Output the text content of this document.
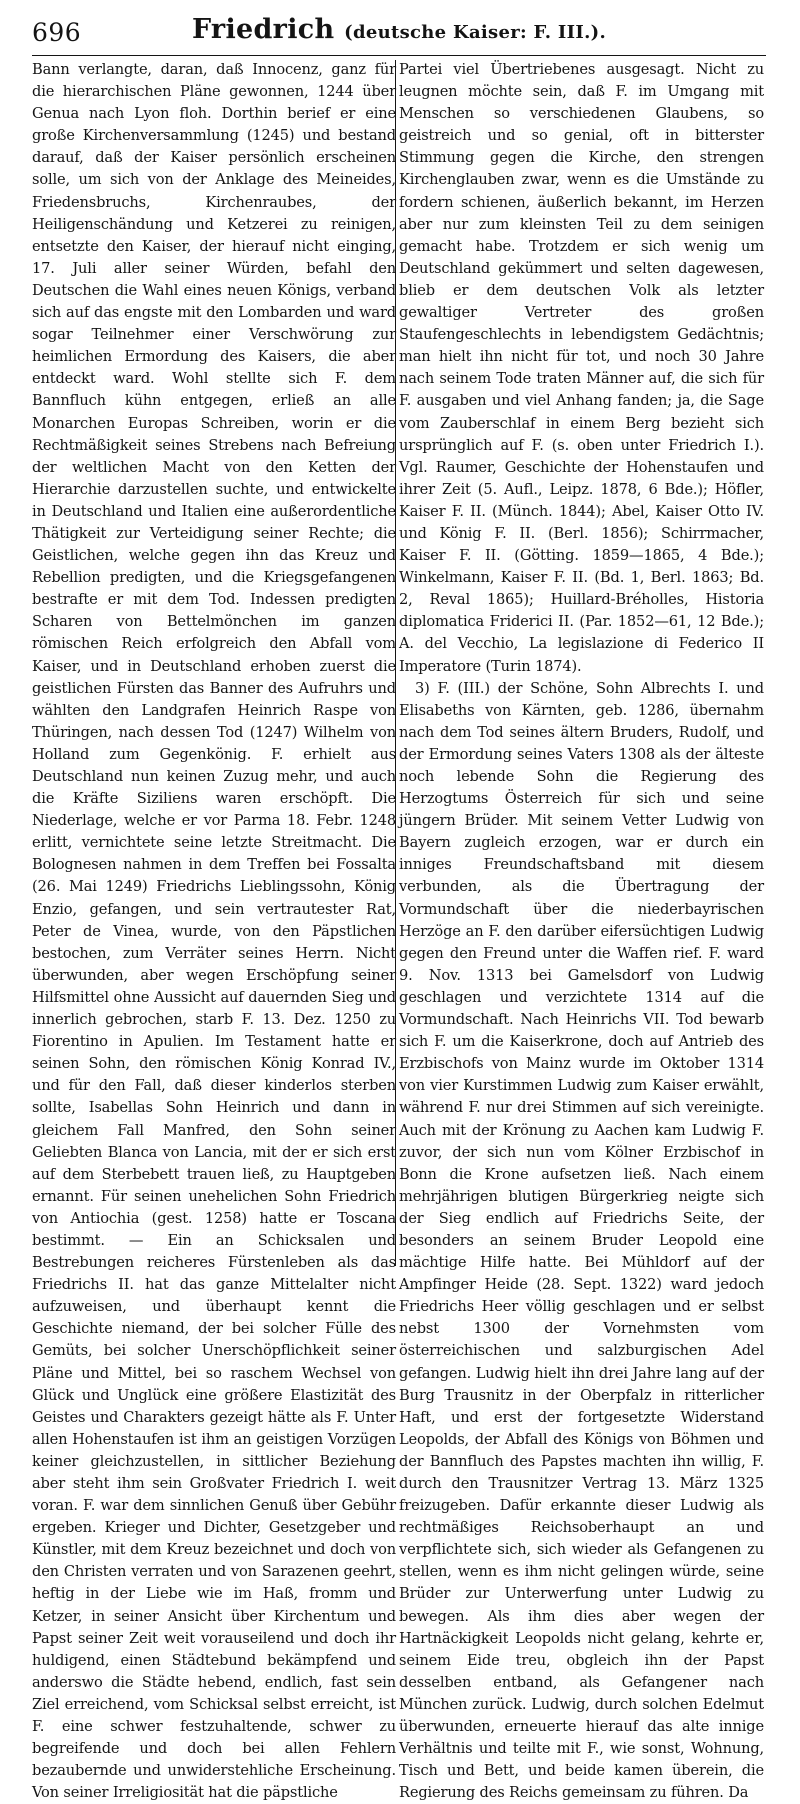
696	Friedrich (deutsche Kaiser: F. III.).

Bann verlangte, daran, daß Innocenz, ganz für die hierarchischen Pläne gewonnen, 1244 über Genua nach Lyon floh. Dorthin berief er eine große Kirchenversammlung (1245) und bestand darauf, daß der Kaiser persönlich erscheinen solle, um sich von der Anklage des Meineides, Friedensbruchs, Kirchenraubes, der Heiligenschändung und Ketzerei zu reinigen, entsetzte den Kaiser, der hierauf nicht einging, 17. Juli aller seiner Würden, befahl den Deutschen die Wahl eines neuen Königs, verband sich auf das engste mit den Lombarden und ward sogar Teilnehmer einer Verschwörung zur heimlichen Ermordung des Kaisers, die aber entdeckt ward. Wohl stellte sich F. dem Bannfluch kühn entgegen, erließ an alle Monarchen Europas Schreiben, worin er die Rechtmäßigkeit seines Strebens nach Befreiung der weltlichen Macht von den Ketten der Hierarchie darzustellen suchte, und entwickelte in Deutschland und Italien eine außerordentliche Thätigkeit zur Verteidigung seiner Rechte; die Geistlichen, welche gegen ihn das Kreuz und Rebellion predigten, und die Kriegsgefangenen bestrafte er mit dem Tod. Indessen predigten Scharen von Bettelmönchen im ganzen römischen Reich erfolgreich den Abfall vom Kaiser, und in Deutschland erhoben zuerst die geistlichen Fürsten das Banner des Aufruhrs und wählten den Landgrafen Heinrich Raspe von Thüringen, nach dessen Tod (1247) Wilhelm von Holland zum Gegenkönig. F. erhielt aus Deutschland nun keinen Zuzug mehr, und auch die Kräfte Siziliens waren erschöpft. Die Niederlage, welche er vor Parma 18. Febr. 1248 erlitt, vernichtete seine letzte Streitmacht. Die Bolognesen nahmen in dem Treffen bei Fossalta (26. Mai 1249) Friedrichs Lieblingssohn, König Enzio, gefangen, und sein vertrautester Rat, Peter de Vinea, wurde, von den Päpstlichen bestochen, zum Verräter seines Herrn. Nicht überwunden, aber wegen Erschöpfung seiner Hilfsmittel ohne Aussicht auf dauernden Sieg und innerlich gebrochen, starb F. 13. Dez. 1250 zu Fiorentino in Apulien. Im Testament hatte er seinen Sohn, den römischen König Konrad IV., und für den Fall, daß dieser kinderlos sterben sollte, Isabellas Sohn Heinrich und dann in gleichem Fall Manfred, den Sohn seiner Geliebten Blanca von Lancia, mit der er sich erst auf dem Sterbebett trauen ließ, zu Hauptgeben ernannt. Für seinen unehelichen Sohn Friedrich von Antiochia (gest. 1258) hatte er Toscana bestimmt. — Ein an Schicksalen und Bestrebungen reicheres Fürstenleben als das Friedrichs II. hat das ganze Mittelalter nicht aufzuweisen, und überhaupt kennt die Geschichte niemand, der bei solcher Fülle des Gemüts, bei solcher Unerschöpflichkeit seiner Pläne und Mittel, bei so raschem Wechsel von Glück und Unglück eine größere Elastizität des Geistes und Charakters gezeigt hätte als F. Unter allen Hohenstaufen ist ihm an geistigen Vorzügen keiner gleichzustellen, in sittlicher Beziehung aber steht ihm sein Großvater Friedrich I. weit voran. F. war dem sinnlichen Genuß über Gebühr ergeben. Krieger und Dichter, Gesetzgeber und Künstler, mit dem Kreuz bezeichnet und doch von den Christen verraten und von Sarazenen geehrt, heftig in der Liebe wie im Haß, fromm und Ketzer, in seiner Ansicht über Kirchentum und Papst seiner Zeit weit vorauseilend und doch ihr huldigend, einen Städtebund bekämpfend und anderswo die Städte hebend, endlich, fast sein Ziel erreichend, vom Schicksal selbst erreicht, ist F. eine schwer festzuhaltende, schwer zu begreifende und doch bei allen Fehlern bezaubernde und unwiderstehliche Erscheinung. Von seiner Irreligiosität hat die päpstliche

Partei viel Übertriebenes ausgesagt. Nicht zu leugnen möchte sein, daß F. im Umgang mit Menschen so verschiedenen Glaubens, so geistreich und so genial, oft in bitterster Stimmung gegen die Kirche, den strengen Kirchenglauben zwar, wenn es die Umstände zu fordern schienen, äußerlich bekannt, im Herzen aber nur zum kleinsten Teil zu dem seinigen gemacht habe. Trotzdem er sich wenig um Deutschland gekümmert und selten dagewesen, blieb er dem deutschen Volk als letzter gewaltiger Vertreter des großen Staufengeschlechts in lebendigstem Gedächtnis; man hielt ihn nicht für tot, und noch 30 Jahre nach seinem Tode traten Männer auf, die sich für F. ausgaben und viel Anhang fanden; ja, die Sage vom Zauberschlaf in einem Berg bezieht sich ursprünglich auf F. (s. oben unter Friedrich I.). Vgl. Raumer, Geschichte der Hohenstaufen und ihrer Zeit (5. Aufl., Leipz. 1878, 6 Bde.); Höfler, Kaiser F. II. (Münch. 1844); Abel, Kaiser Otto IV. und König F. II. (Berl. 1856); Schirrmacher, Kaiser F. II. (Götting. 1859—1865, 4 Bde.); Winkelmann, Kaiser F. II. (Bd. 1, Berl. 1863; Bd. 2, Reval 1865); Huillard-Bréholles, Historia diplomatica Friderici II. (Par. 1852—61, 12 Bde.); A. del Vecchio, La legislazione di Federico II Imperatore (Turin 1874).

3) F. (III.) der Schöne, Sohn Albrechts I. und Elisabeths von Kärnten, geb. 1286, übernahm nach dem Tod seines ältern Bruders, Rudolf, und der Ermordung seines Vaters 1308 als der älteste noch lebende Sohn die Regierung des Herzogtums Österreich für sich und seine jüngern Brüder. Mit seinem Vetter Ludwig von Bayern zugleich erzogen, war er durch ein inniges Freundschaftsband mit diesem verbunden, als die Übertragung der Vormundschaft über die niederbayrischen Herzöge an F. den darüber eifersüchtigen Ludwig gegen den Freund unter die Waffen rief. F. ward 9. Nov. 1313 bei Gamelsdorf von Ludwig geschlagen und verzichtete 1314 auf die Vormundschaft. Nach Heinrichs VII. Tod bewarb sich F. um die Kaiserkrone, doch auf Antrieb des Erzbischofs von Mainz wurde im Oktober 1314 von vier Kurstimmen Ludwig zum Kaiser erwählt, während F. nur drei Stimmen auf sich vereinigte. Auch mit der Krönung zu Aachen kam Ludwig F. zuvor, der sich nun vom Kölner Erzbischof in Bonn die Krone aufsetzen ließ. Nach einem mehrjährigen blutigen Bürgerkrieg neigte sich der Sieg endlich auf Friedrichs Seite, der besonders an seinem Bruder Leopold eine mächtige Hilfe hatte. Bei Mühldorf auf der Ampfinger Heide (28. Sept. 1322) ward jedoch Friedrichs Heer völlig geschlagen und er selbst nebst 1300 der Vornehmsten vom österreichischen und salzburgischen Adel gefangen. Ludwig hielt ihn drei Jahre lang auf der Burg Trausnitz in der Oberpfalz in ritterlicher Haft, und erst der fortgesetzte Widerstand Leopolds, der Abfall des Königs von Böhmen und der Bannfluch des Papstes machten ihn willig, F. durch den Trausnitzer Vertrag 13. März 1325 freizugeben. Dafür erkannte dieser Ludwig als rechtmäßiges Reichsoberhaupt an und verpflichtete sich, sich wieder als Gefangenen zu stellen, wenn es ihm nicht gelingen würde, seine Brüder zur Unterwerfung unter Ludwig zu bewegen. Als ihm dies aber wegen der Hartnäckigkeit Leopolds nicht gelang, kehrte er, seinem Eide treu, obgleich ihn der Papst desselben entband, als Gefangener nach München zurück. Ludwig, durch solchen Edelmut überwunden, erneuerte hierauf das alte innige Verhältnis und teilte mit F., wie sonst, Wohnung, Tisch und Bett, und beide kamen überein, die Regierung des Reichs gemeinsam zu führen. Da
